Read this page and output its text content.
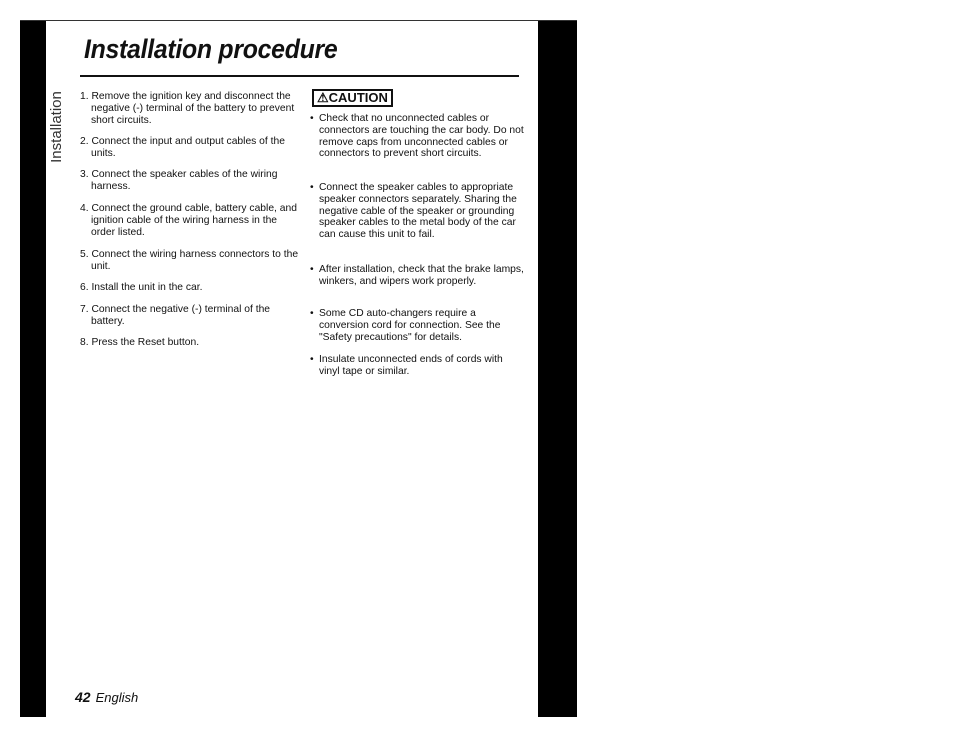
Installation procedure
Installation 1. Remove the ignition key and disconnect the negative (-) terminal of the battery to prevent short circuits.
2. Connect the input and output cables of the units.
3. Connect the speaker cables of the wiring harness.
4. Connect the ground cable, battery cable, and ignition cable of the wiring harness in the order listed.
5. Connect the wiring harness connectors to the unit.
6. Install the unit in the car.
7. Connect the negative (-) terminal of the battery.
8. Press the Reset button.
⚠CAUTION
• Check that no unconnected cables or connectors are touching the car body. Do not remove caps from unconnected cables or connectors to prevent short circuits.
• Connect the speaker cables to appropriate speaker connectors separately. Sharing the negative cable of the speaker or grounding speaker cables to the metal body of the car can cause this unit to fail.
• After installation, check that the brake lamps, winkers, and wipers work properly.
• Some CD auto-changers require a conversion cord for connection. See the "Safety precautions" for details.
• Insulate unconnected ends of cords with vinyl tape or similar.
42 English
